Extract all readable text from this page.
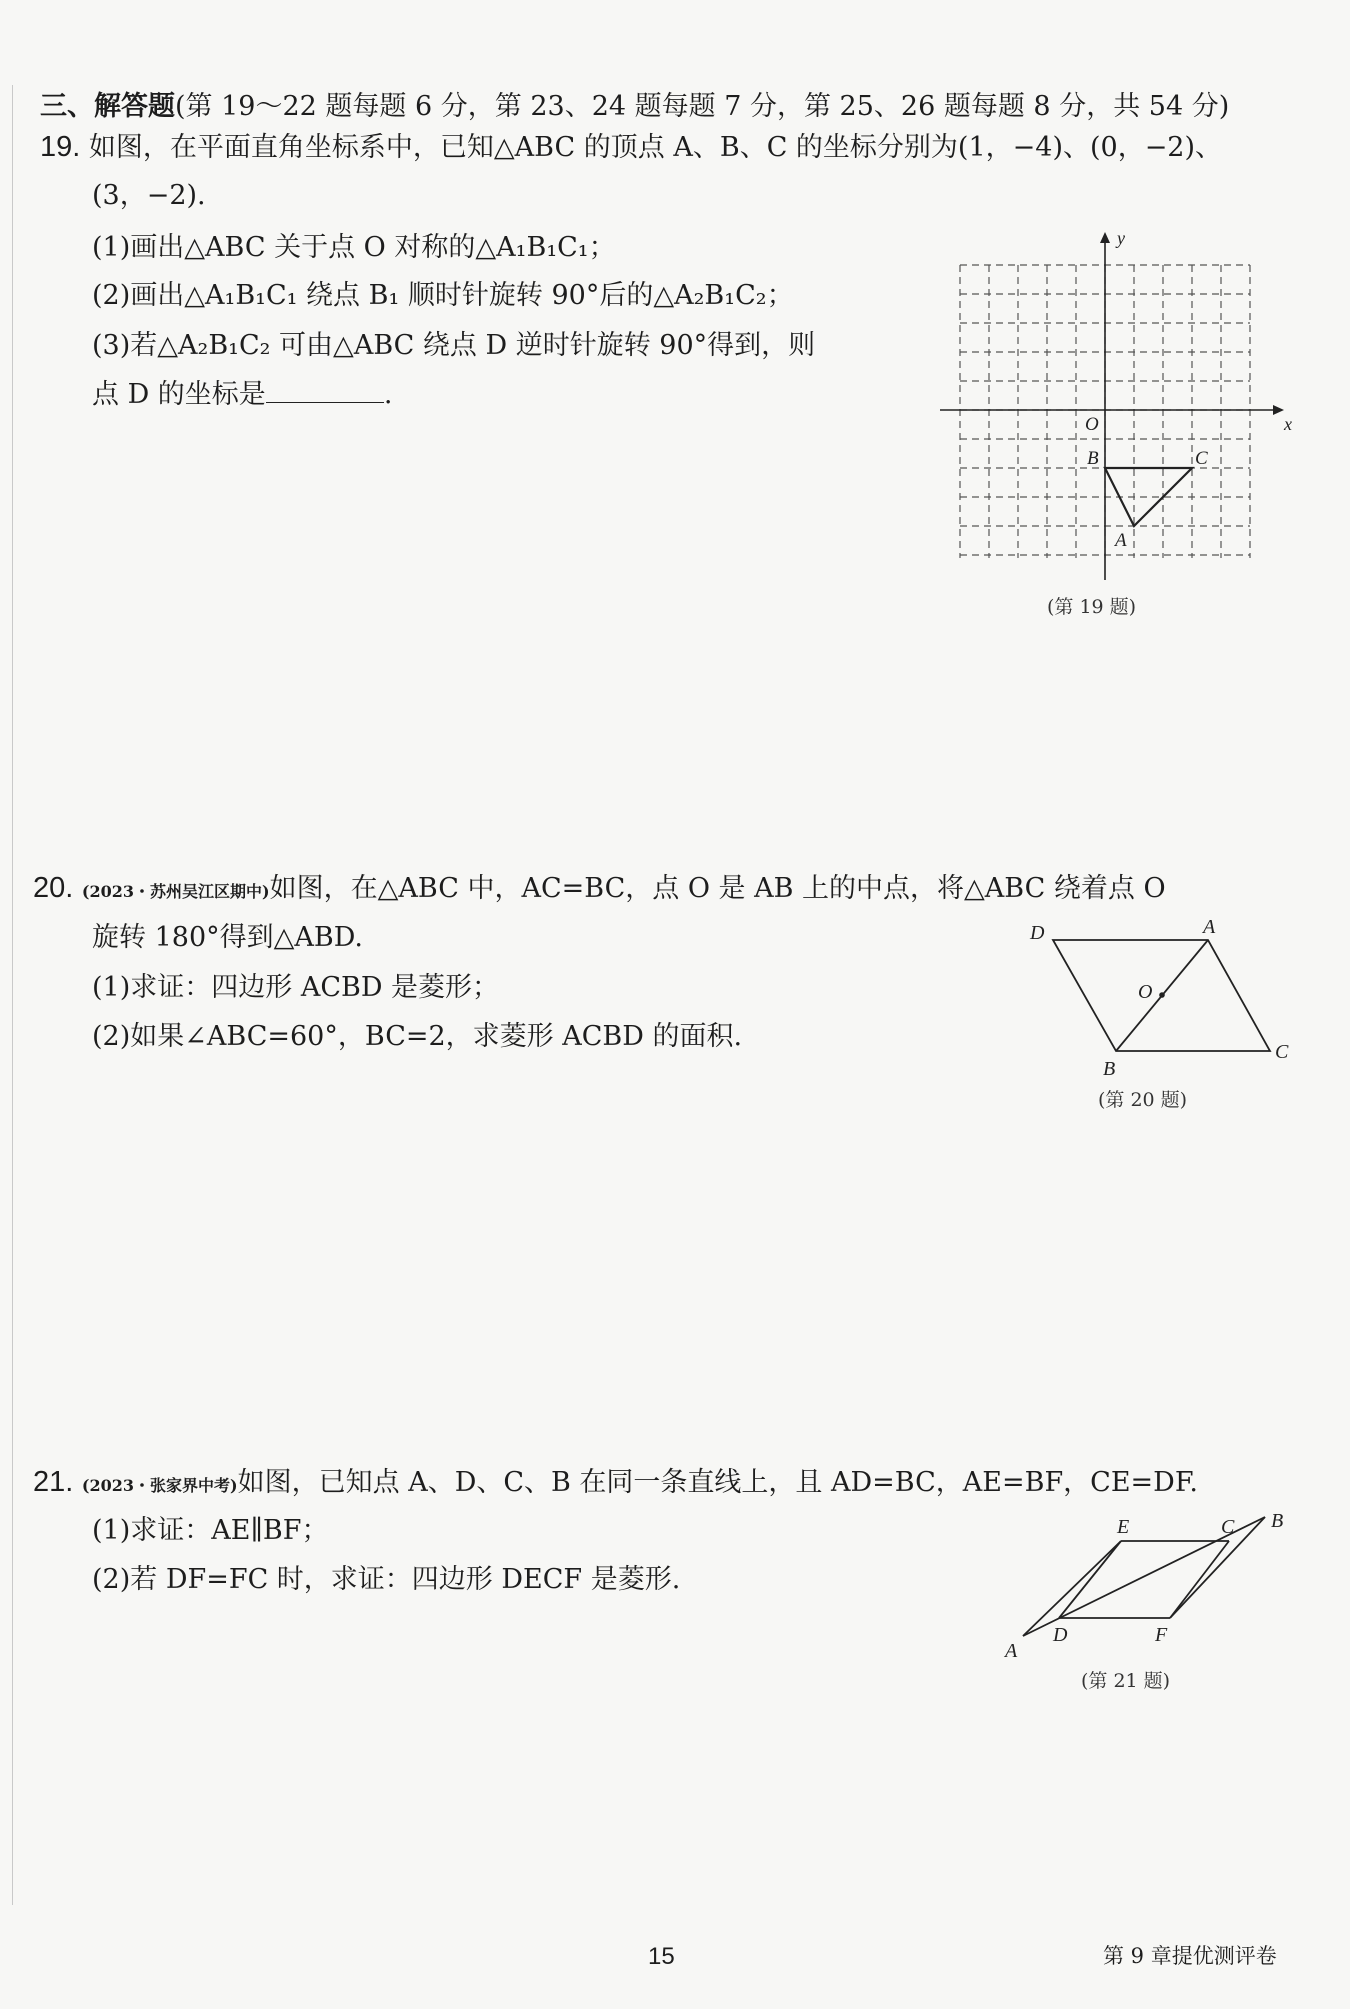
三、解答题(第 19～22 题每题 6 分，第 23、24 题每题 7 分，第 25、26 题每题 8 分，共 54 分)
19. 如图，在平面直角坐标系中，已知△ABC 的顶点 A、B、C 的坐标分别为(1，−4)、(0，−2)、
(3，−2).
(1)画出△ABC 关于点 O 对称的△A₁B₁C₁；
(2)画出△A₁B₁C₁ 绕点 B₁ 顺时针旋转 90°后的△A₂B₁C₂；
(3)若△A₂B₁C₂ 可由△ABC 绕点 D 逆时针旋转 90°得到，则
点 D 的坐标是	.
x
y
O
B	C
A
(第 19 题)
20. (2023・苏州吴江区期中)如图，在△ABC 中，AC=BC，点 O 是 AB 上的中点，将△ABC 绕着点 O
旋转 180°得到△ABD.
(1)求证：四边形 ACBD 是菱形；
(2)如果∠ABC=60°，BC=2，求菱形 ACBD 的面积.
D	A
O
C
B
(第 20 题)
21. (2023・张家界中考)如图，已知点 A、D、C、B 在同一条直线上，且 AD=BC，AE=BF，CE=DF.
(1)求证：AE∥BF；
(2)若 DF=FC 时，求证：四边形 DECF 是菱形.
A
D	F
E	C B
(第 21 题)
15	第 9 章提优测评卷
